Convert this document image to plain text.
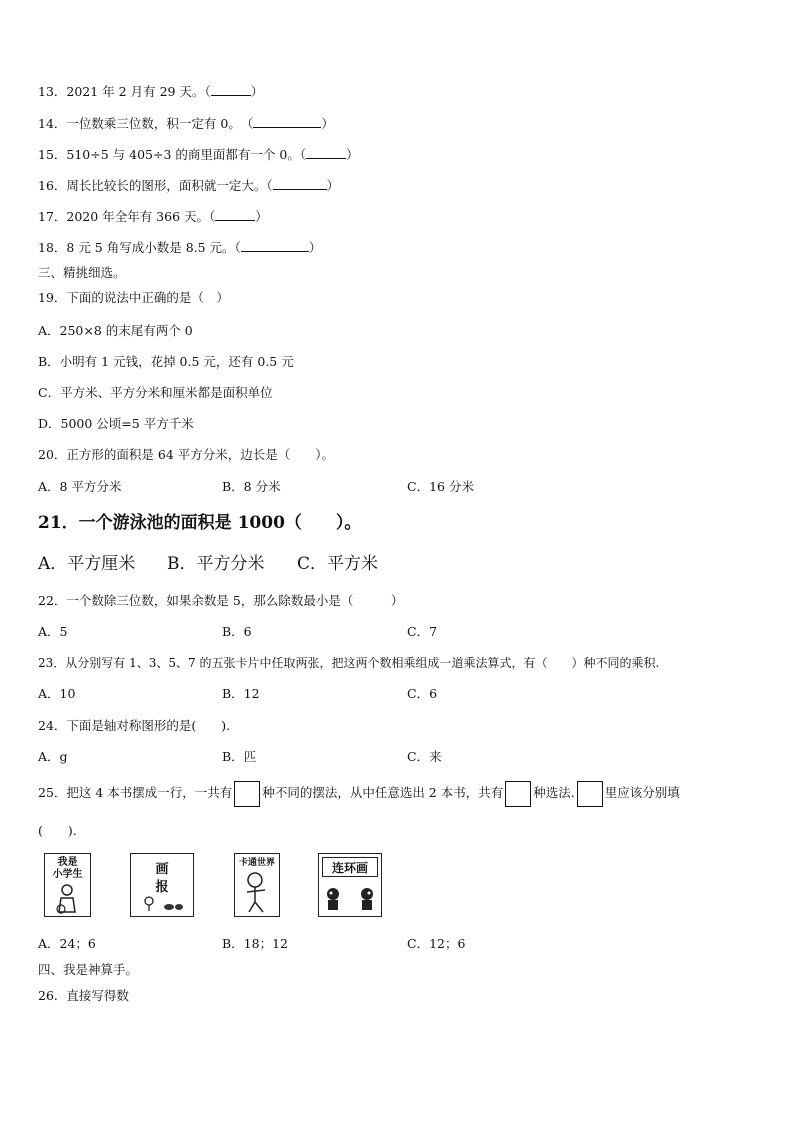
13．2021 年 2 月有 29 天。（	）
14．一位数乘三位数，积一定有 0。　（	）
15．510÷5 与 405÷3 的商里面都有一个 0。（	）
16．周长比较长的图形，面积就一定大。（	）
17．2020 年全年有 366 天。（	）
18．8 元 5 角写成小数是 8.5 元。（	）
三、精挑细选。
19．下面的说法中正确的是（　）
A．250×8 的末尾有两个 0
B．小明有 1 元钱，花掉 0.5 元，还有 0.5 元
C．平方米、平方分米和厘米都是面积单位
D．5000 公顷=5 平方千米
20．正方形的面积是 64 平方分米，边长是（　　）。
A．8 平方分米	B．8 分米	C．16 分米
21．一个游泳池的面积是 1000（　　）。
A．平方厘米 B．平方分米 C．平方米
22．一个数除三位数，如果余数是 5，那么除数最小是（　　　）
A．5	B．6	C．7
23．从分别写有 1、3、5、7 的五张卡片中任取两张，把这两个数相乘组成一道乘法算式，有（　　）种不同的乘积.
A．10	B．12	C．6
24．下面是轴对称图形的是(　　).
A．g	B．匹	C．来
25．把这 4 本书摆成一行，一共有 种不同的摆法，从中任意选出 2 本书，共有 种选法. 里应该分别填
(　　).
我是
小学生	画
报
卡通世界	连环画
A．24；6	B．18；12	C．12；6
四、我是神算手。
26．直接写得数
